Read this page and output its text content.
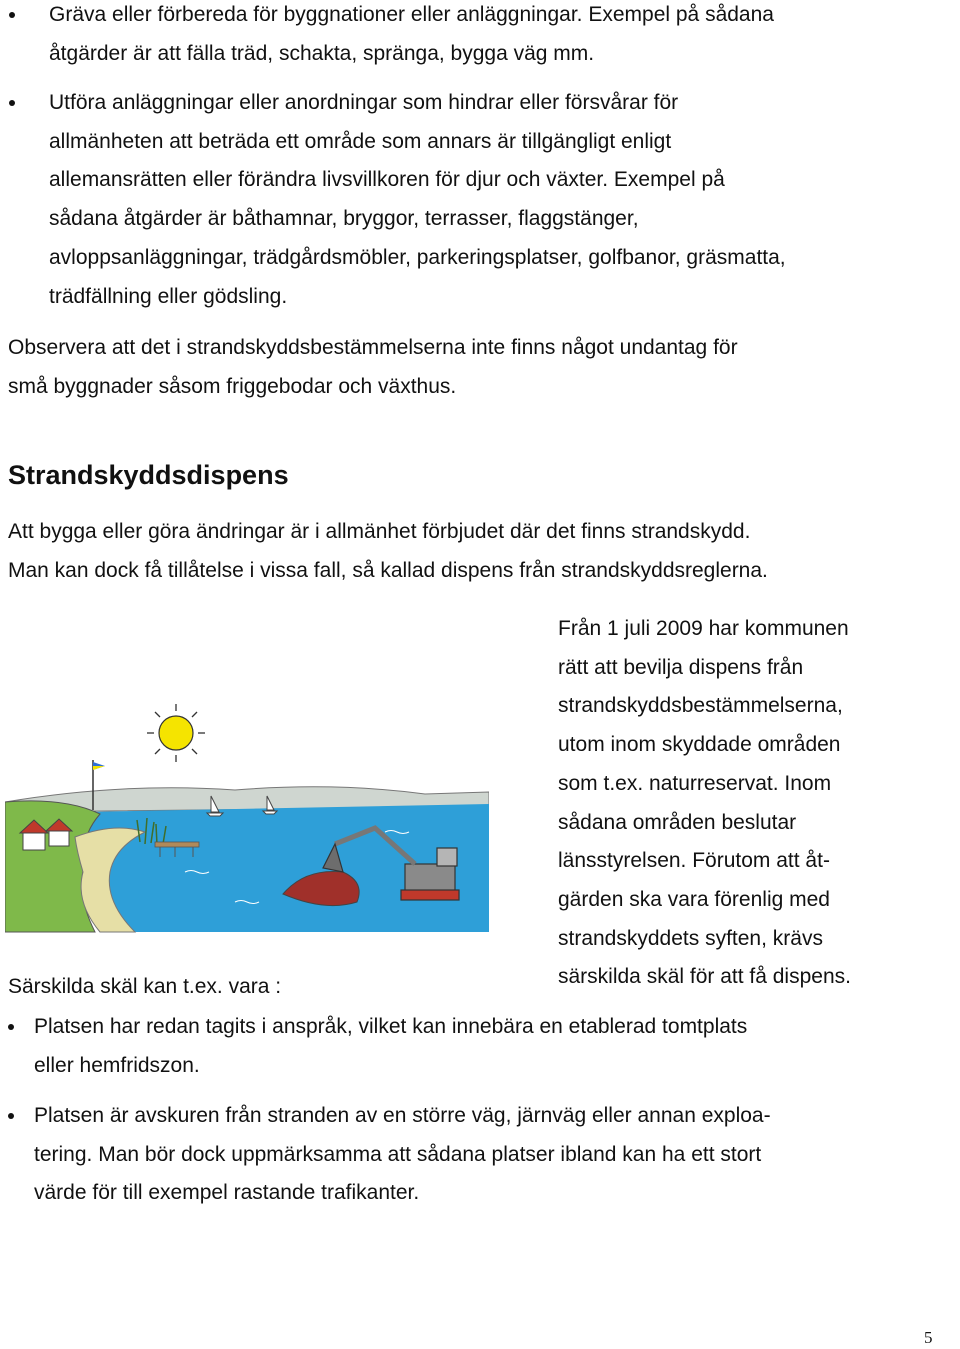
Gräva eller förbereda för byggnationer eller anläggningar. Exempel på sådana
åtgärder är att fälla träd, schakta, spränga, bygga väg mm.
Utföra anläggningar eller anordningar som hindrar eller försvårar för
allmänheten att beträda ett område som annars är tillgängligt enligt
allemansrätten eller förändra livsvillkoren för djur och växter. Exempel på
sådana åtgärder är båthamnar, bryggor, terrasser, flaggstänger,
avloppsanläggningar, trädgårdsmöbler, parkeringsplatser, golfbanor, gräsmatta,
trädfällning eller gödsling.
Observera att det i strandskyddsbestämmelserna inte finns något undantag för
små byggnader såsom friggebodar och växthus.
Strandskyddsdispens
Att bygga eller göra ändringar är i allmänhet förbjudet där det finns strandskydd.
Man kan dock få tillåtelse i vissa fall, så kallad dispens från strandskyddsreglerna.
Från 1 juli 2009 har kommunen
rätt att bevilja dispens från
strandskyddsbestämmelserna,
utom inom skyddade områden
som t.ex. naturreservat. Inom
sådana områden beslutar
länsstyrelsen. Förutom att åt-
gärden ska vara förenlig med
strandskyddets syften, krävs
särskilda skäl för att få dispens.
Särskilda skäl kan t.ex. vara :
Platsen har redan tagits i anspråk, vilket kan innebära en etablerad tomtplats
eller hemfridszon.
Platsen är avskuren från stranden av en större väg, järnväg eller annan exploa-
tering. Man bör dock uppmärksamma att sådana platser ibland kan ha ett stort
värde för till exempel rastande trafikanter.
5
